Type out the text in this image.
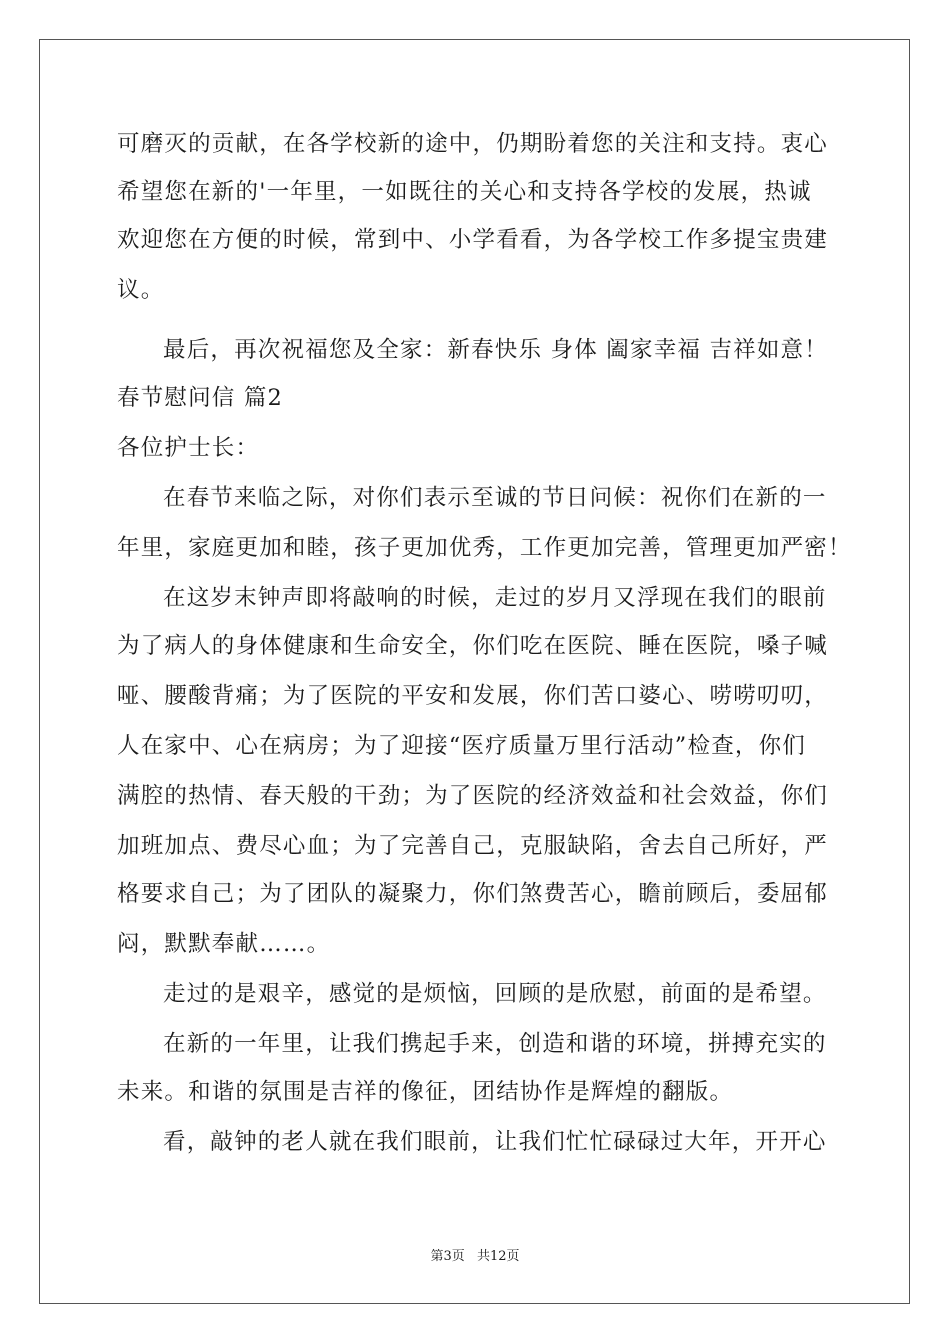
可磨灭的贡献，在各学校新的途中，仍期盼着您的关注和支持。衷心
希望您在新的'一年里，一如既往的关心和支持各学校的发展，热诚
欢迎您在方便的时候，常到中、小学看看，为各学校工作多提宝贵建
议。
最后，再次祝福您及全家：新春快乐 身体 阖家幸福 吉祥如意！
春节慰问信 篇2
各位护士长：
在春节来临之际，对你们表示至诚的节日问候：祝你们在新的一
年里，家庭更加和睦，孩子更加优秀，工作更加完善，管理更加严密！
在这岁末钟声即将敲响的时候，走过的岁月又浮现在我们的眼前
为了病人的身体健康和生命安全，你们吃在医院、睡在医院，嗓子喊
哑、腰酸背痛；为了医院的平安和发展，你们苦口婆心、唠唠叨叨，
人在家中、心在病房；为了迎接“医疗质量万里行活动”检查，你们
满腔的热情、春天般的干劲；为了医院的经济效益和社会效益，你们
加班加点、费尽心血；为了完善自己，克服缺陷，舍去自己所好，严
格要求自己；为了团队的凝聚力，你们煞费苦心，瞻前顾后，委屈郁
闷，默默奉献……。
走过的是艰辛，感觉的是烦恼，回顾的是欣慰，前面的是希望。
在新的一年里，让我们携起手来，创造和谐的环境，拼搏充实的
未来。和谐的氛围是吉祥的像征，团结协作是辉煌的翻版。
看，敲钟的老人就在我们眼前，让我们忙忙碌碌过大年，开开心
第3页 共12页
